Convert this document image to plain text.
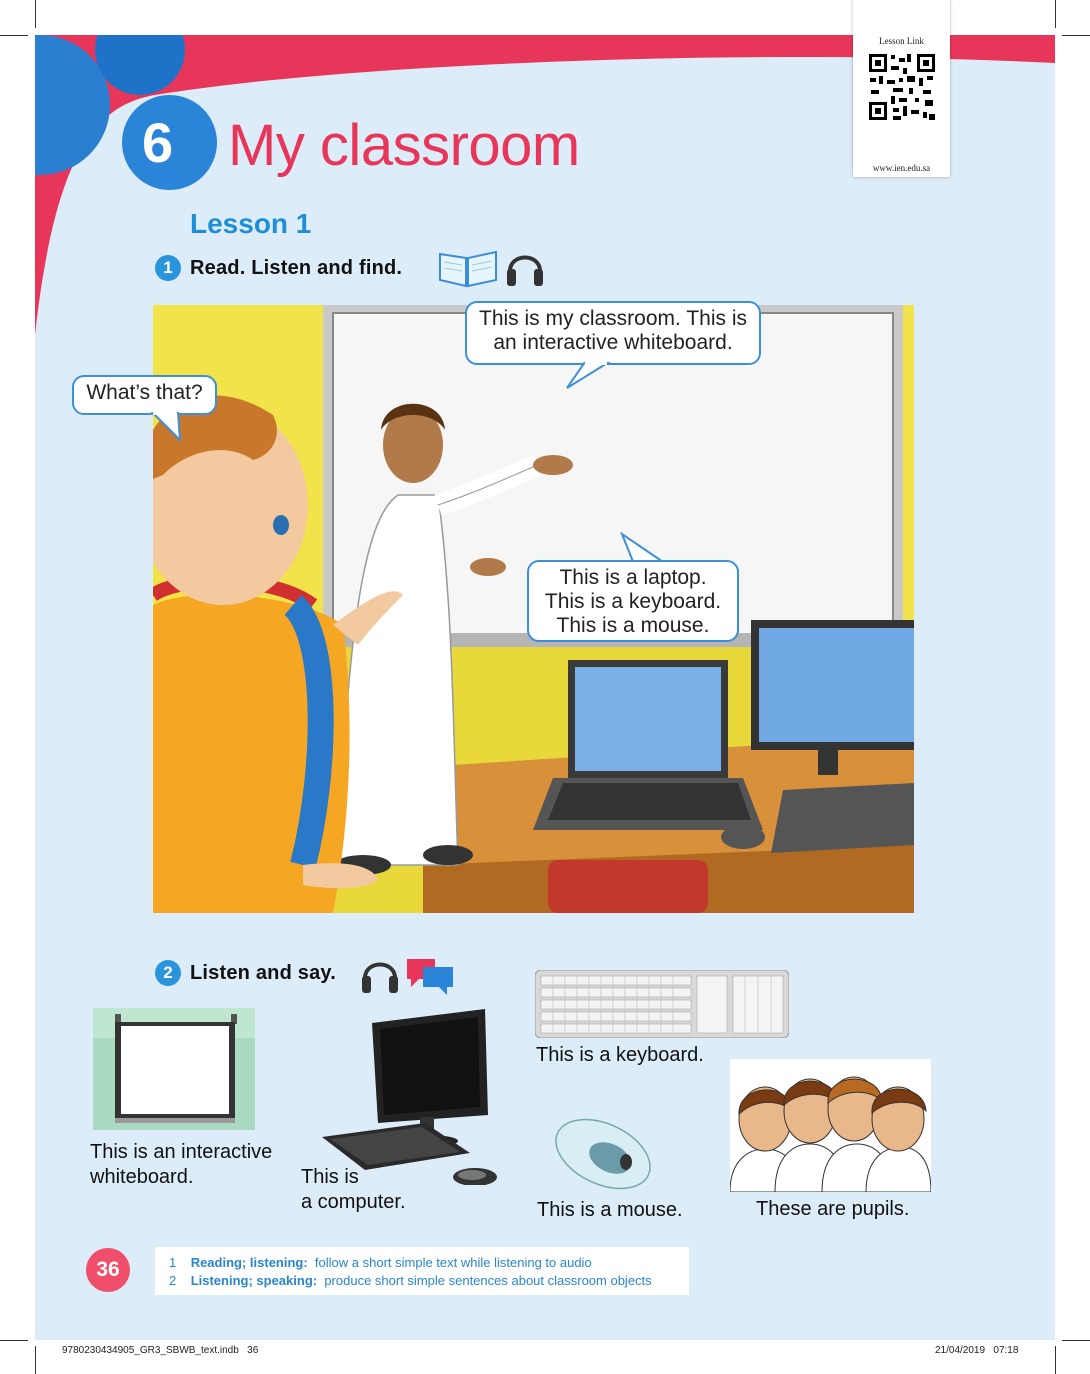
6 My classroom
Lesson Link
www.ien.edu.sa
Lesson 1
1 Read. Listen and find.
What’s that?
This is my classroom. This is
an interactive whiteboard.
This is a laptop.
This is a keyboard.
This is a mouse.
2 Listen and say.
This is an interactive
whiteboard.	This is
a computer.
This is a keyboard.
This is a mouse.	These are pupils.
36	1 Reading; listening: follow a short simple text while listening to audio
2 Listening; speaking: produce short simple sentences about classroom objects
9780230434905_GR3_SBWB_text.indb   36	21/04/2019   07:18
